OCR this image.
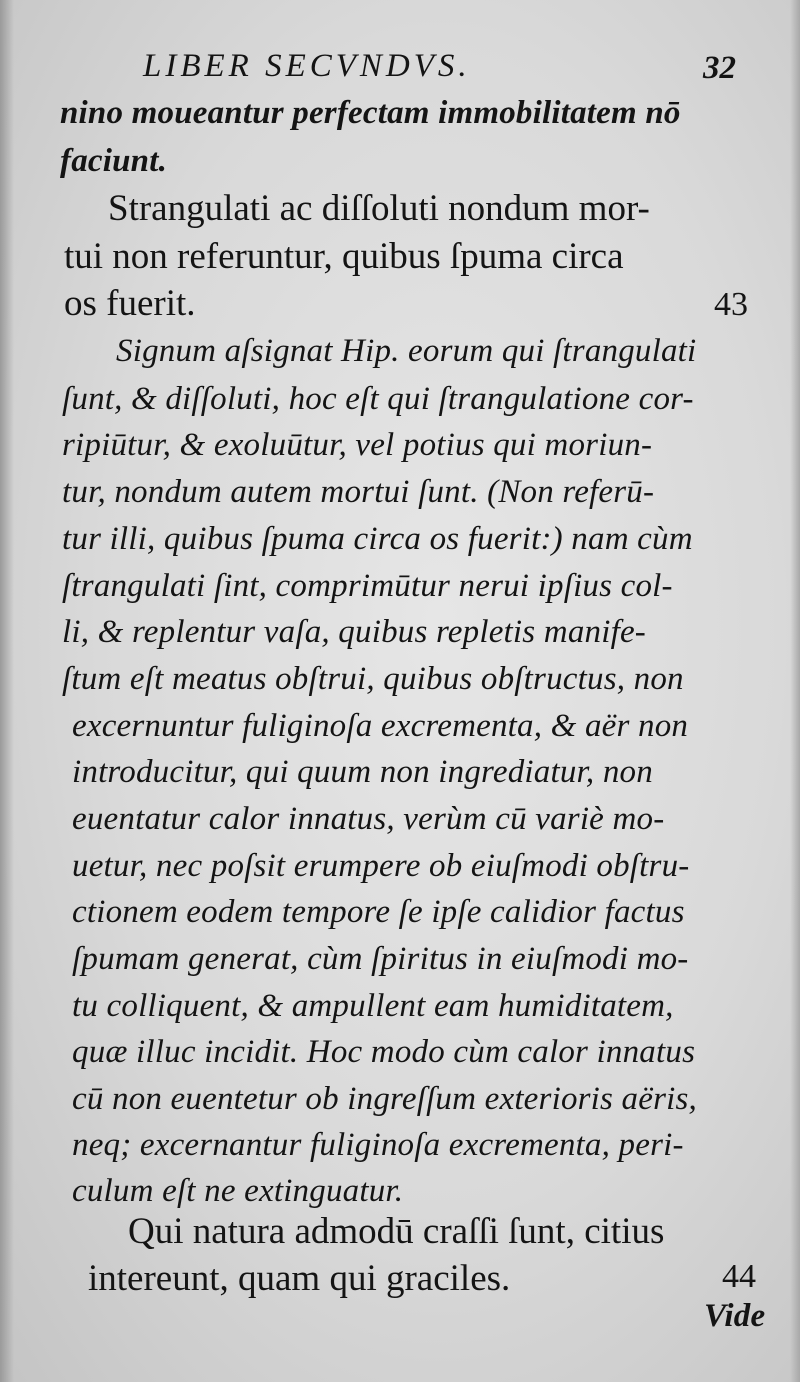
LIBER SECVNDVS.	32
nino moueantur perfectam immobilitatem nō
faciunt.
Strangulati ac diſſoluti nondum mor-
tui non referuntur, quibus ſpuma circa
os fuerit.	43
Signum aſsignat Hip. eorum qui ſtrangulati
ſunt, & diſſoluti, hoc eſt qui ſtrangulatione cor-
ripiūtur, & exoluūtur, vel potius qui moriun-
tur, nondum autem mortui ſunt. (Non referū-
tur illi, quibus ſpuma circa os fuerit:) nam cùm
ſtrangulati ſint, comprimūtur nerui ipſius col-
li, & replentur vaſa, quibus repletis manife-
ſtum eſt meatus obſtrui, quibus obſtructus, non
excernuntur fuliginoſa excrementa, & aër non
introducitur, qui quum non ingrediatur, non
euentatur calor innatus, verùm cū variè mo-
uetur, nec poſsit erumpere ob eiuſmodi obſtru-
ctionem eodem tempore ſe ipſe calidior factus
ſpumam generat, cùm ſpiritus in eiuſmodi mo-
tu colliquent, & ampullent eam humiditatem,
quæ illuc incidit. Hoc modo cùm calor innatus
cū non euentetur ob ingreſſum exterioris aëris,
neq; excernantur fuliginoſa excrementa, peri-
culum eſt ne extinguatur.
Qui natura admodū craſſi ſunt, citius
intereunt, quam qui graciles.	44
Vide
